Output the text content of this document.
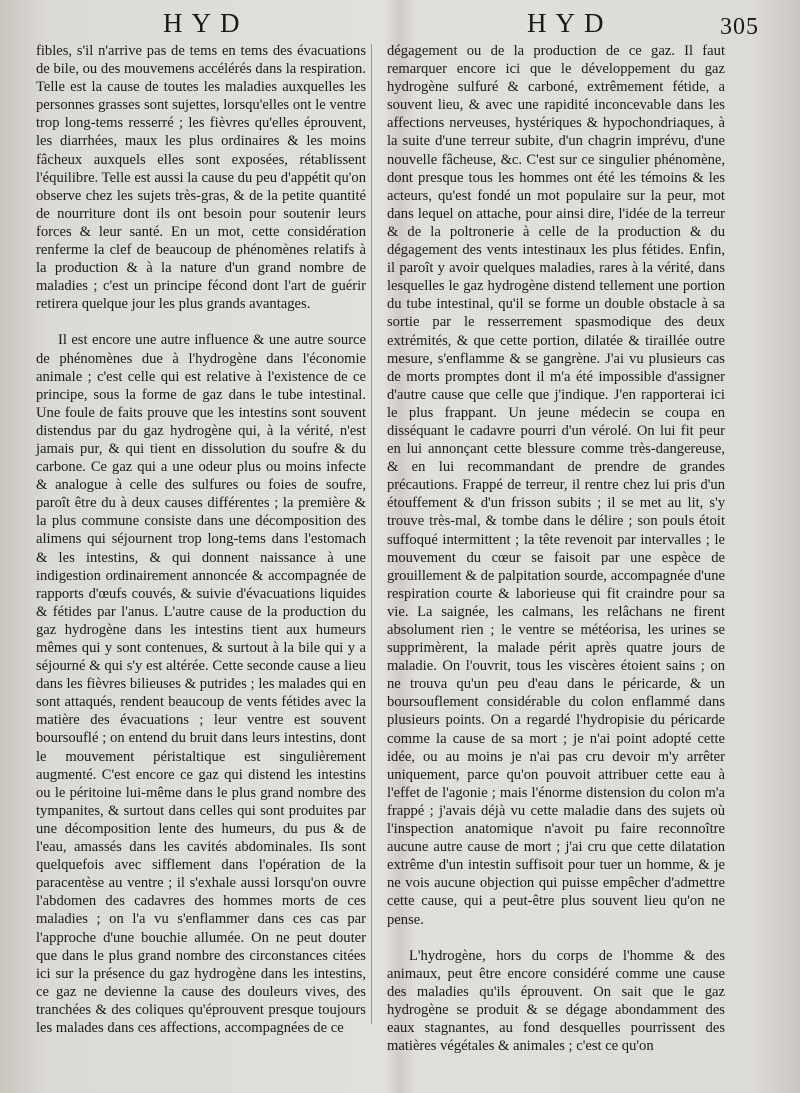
HYD	HYD	305

fibles, s'il n'arrive pas de tems en tems des évacuations de bile, ou des mouvemens accélérés dans la respiration. Telle est la cause de toutes les maladies auxquelles les personnes grasses sont sujettes, lorsqu'elles ont le ventre trop long-tems resserré ; les fièvres qu'elles éprouvent, les diarrhées, maux les plus ordinaires & les moins fâcheux auxquels elles sont exposées, rétablissent l'équilibre. Telle est aussi la cause du peu d'appétit qu'on observe chez les sujets très-gras, & de la petite quantité de nourriture dont ils ont besoin pour soutenir leurs forces & leur santé. En un mot, cette considération renferme la clef de beaucoup de phénomènes relatifs à la production & à la nature d'un grand nombre de maladies ; c'est un principe fécond dont l'art de guérir retirera quelque jour les plus grands avantages.

Il est encore une autre influence & une autre source de phénomènes due à l'hydrogène dans l'économie animale ; c'est celle qui est relative à l'existence de ce principe, sous la forme de gaz dans le tube intestinal. Une foule de faits prouve que les intestins sont souvent distendus par du gaz hydrogène qui, à la vérité, n'est jamais pur, & qui tient en dissolution du soufre & du carbone. Ce gaz qui a une odeur plus ou moins infecte & analogue à celle des sulfures ou foies de soufre, paroît être du à deux causes différentes ; la première & la plus commune consiste dans une décomposition des alimens qui séjournent trop long-tems dans l'estomach & les intestins, & qui donnent naissance à une indigestion ordinairement annoncée & accompagnée de rapports d'œufs couvés, & suivie d'évacuations liquides & fétides par l'anus. L'autre cause de la production du gaz hydrogène dans les intestins tient aux humeurs mêmes qui y sont contenues, & surtout à la bile qui y a séjourné & qui s'y est altérée. Cette seconde cause a lieu dans les fièvres bilieuses & putrides ; les malades qui en sont attaqués, rendent beaucoup de vents fétides avec la matière des évacuations ; leur ventre est souvent boursouflé ; on entend du bruit dans leurs intestins, dont le mouvement péristaltique est singulièrement augmenté. C'est encore ce gaz qui distend les intestins ou le péritoine lui-même dans le plus grand nombre des tympanites, & surtout dans celles qui sont produites par une décomposition lente des humeurs, du pus & de l'eau, amassés dans les cavités abdominales. Ils sont quelquefois avec sifflement dans l'opération de la paracentèse au ventre ; il s'exhale aussi lorsqu'on ouvre l'abdomen des cadavres des hommes morts de ces maladies ; on l'a vu s'enflammer dans ces cas par l'approche d'une bouchie allumée. On ne peut douter que dans le plus grand nombre des circonstances citées ici sur la présence du gaz hydrogène dans les intestins, ce gaz ne devienne la cause des douleurs vives, des tranchées & des coliques qu'éprouvent presque toujours les malades dans ces affections, accompagnées de ce

dégagement ou de la production de ce gaz. Il faut remarquer encore ici que le développement du gaz hydrogène sulfuré & carboné, extrêmement fétide, a souvent lieu, & avec une rapidité inconcevable dans les affections nerveuses, hystériques & hypochondriaques, à la suite d'une terreur subite, d'un chagrin imprévu, d'une nouvelle fâcheuse, &c. C'est sur ce singulier phénomène, dont presque tous les hommes ont été les témoins & les acteurs, qu'est fondé un mot populaire sur la peur, mot dans lequel on attache, pour ainsi dire, l'idée de la terreur & de la poltronerie à celle de la production & du dégagement des vents intestinaux les plus fétides. Enfin, il paroît y avoir quelques maladies, rares à la vérité, dans lesquelles le gaz hydrogène distend tellement une portion du tube intestinal, qu'il se forme un double obstacle à sa sortie par le resserrement spasmodique des deux extrémités, & que cette portion, dilatée & tiraillée outre mesure, s'enflamme & se gangrène. J'ai vu plusieurs cas de morts promptes dont il m'a été impossible d'assigner d'autre cause que celle que j'indique. J'en rapporterai ici le plus frappant. Un jeune médecin se coupa en disséquant le cadavre pourri d'un vérolé. On lui fit peur en lui annonçant cette blessure comme très-dangereuse, & en lui recommandant de prendre de grandes précautions. Frappé de terreur, il rentre chez lui pris d'un étouffement & d'un frisson subits ; il se met au lit, s'y trouve très-mal, & tombe dans le délire ; son pouls étoit suffoqué intermittent ; la tête revenoit par intervalles ; le mouvement du cœur se faisoit par une espèce de grouillement & de palpitation sourde, accompagnée d'une respiration courte & laborieuse qui fit craindre pour sa vie. La saignée, les calmans, les relâchans ne firent absolument rien ; le ventre se météorisa, les urines se supprimèrent, la malade périt après quatre jours de maladie. On l'ouvrit, tous les viscères étoient sains ; on ne trouva qu'un peu d'eau dans le péricarde, & un boursouflement considérable du colon enflammé dans plusieurs points. On a regardé l'hydropisie du péricarde comme la cause de sa mort ; je n'ai point adopté cette idée, ou au moins je n'ai pas cru devoir m'y arrêter uniquement, parce qu'on pouvoit attribuer cette eau à l'effet de l'agonie ; mais l'énorme distension du colon m'a frappé ; j'avais déjà vu cette maladie dans des sujets où l'inspection anatomique n'avoit pu faire reconnoître aucune autre cause de mort ; j'ai cru que cette dilatation extrême d'un intestin suffisoit pour tuer un homme, & je ne vois aucune objection qui puisse empêcher d'admettre cette cause, qui a peut-être plus souvent lieu qu'on ne pense.

L'hydrogène, hors du corps de l'homme & des animaux, peut être encore considéré comme une cause des maladies qu'ils éprouvent. On sait que le gaz hydrogène se produit & se dégage abondamment des eaux stagnantes, au fond desquelles pourrissent des matières végétales & animales ; c'est ce qu'on
